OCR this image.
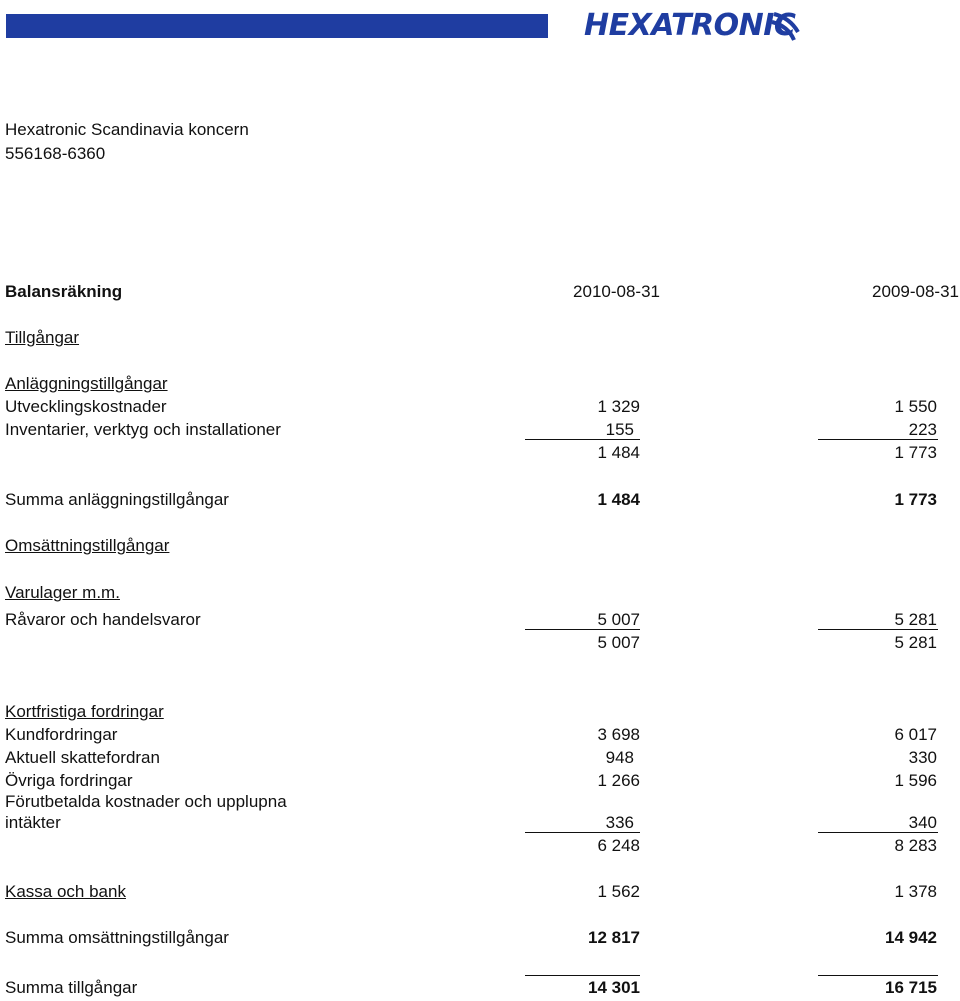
HEXATRONIC
Hexatronic Scandinavia koncern
556168-6360
Balansräkning	2010-08-31	2009-08-31
Tillgångar
Anläggningstillgångar
Utvecklingskostnader	1 329	1 550
Inventarier, verktyg och installationer	155	223
1 484	1 773
Summa anläggningstillgångar	1 484	1 773
Omsättningstillgångar
Varulager m.m.
Råvaror och handelsvaror	5 007	5 281
5 007	5 281
Kortfristiga fordringar
Kundfordringar	3 698	6 017
Aktuell skattefordran	948	330
Övriga fordringar	1 266	1 596
Förutbetalda kostnader och upplupna
intäkter	336	340
6 248	8 283
Kassa och bank	1 562	1 378
Summa omsättningstillgångar	12 817	14 942
Summa tillgångar	14 301	16 715
